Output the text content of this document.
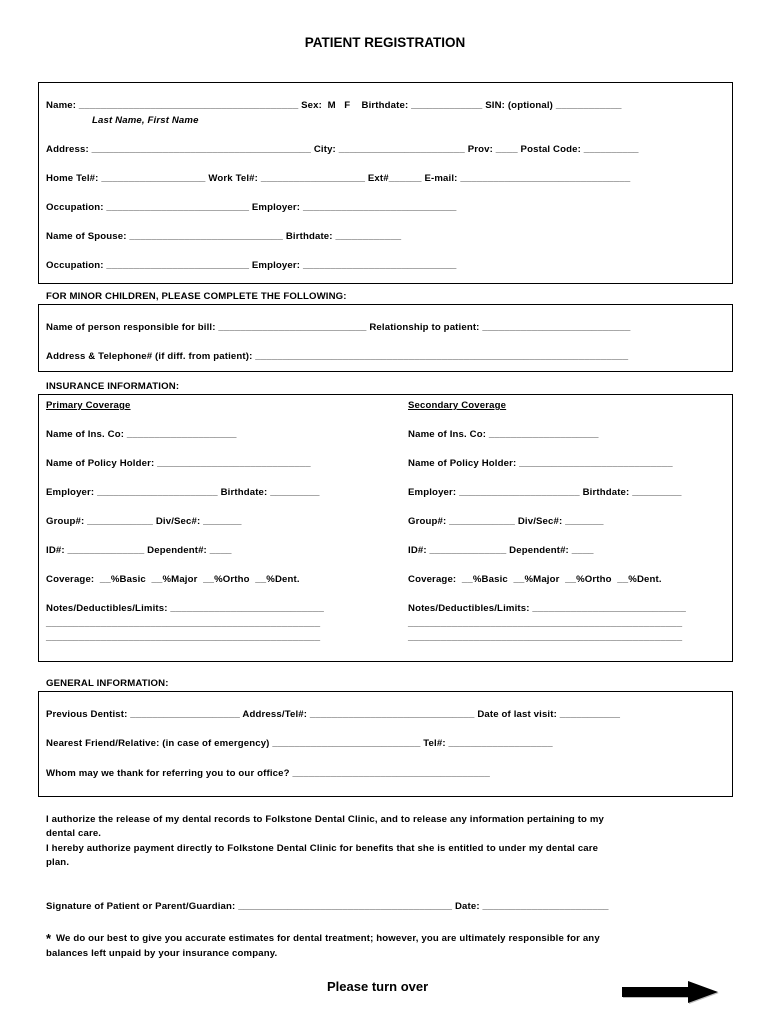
PATIENT REGISTRATION
Name: ________________________________________ Sex:  M   F    Birthdate: _____________ SIN: (optional) ____________
Last Name, First Name
Address: ________________________________________ City: _______________________ Prov: ____ Postal Code: __________
Home Tel#: ___________________ Work Tel#: ___________________ Ext#______ E-mail: _______________________________
Occupation: __________________________ Employer: ____________________________
Name of Spouse: ____________________________ Birthdate: ____________
Occupation: __________________________ Employer: ____________________________
FOR MINOR CHILDREN, PLEASE COMPLETE THE FOLLOWING:
Name of person responsible for bill: ___________________________ Relationship to patient: ___________________________
Address & Telephone# (if diff. from patient): ____________________________________________________________________
INSURANCE INFORMATION:
Primary Coverage
Name of Ins. Co: ____________________
Name of Policy Holder: ____________________________
Employer: ______________________ Birthdate: _________
Group#: ____________ Div/Sec#: _______
ID#: ______________ Dependent#: ____
Coverage:  __%Basic  __%Major  __%Ortho  __%Dent.
Notes/Deductibles/Limits: ____________________________
__________________________________________________
__________________________________________________
Secondary Coverage
Name of Ins. Co: ____________________
Name of Policy Holder: ____________________________
Employer: ______________________ Birthdate: _________
Group#: ____________ Div/Sec#: _______
ID#: ______________ Dependent#: ____
Coverage:  __%Basic  __%Major  __%Ortho  __%Dent.
Notes/Deductibles/Limits: ____________________________
__________________________________________________
__________________________________________________
GENERAL INFORMATION:
Previous Dentist: ____________________ Address/Tel#: ______________________________ Date of last visit: ___________
Nearest Friend/Relative: (in case of emergency) ___________________________ Tel#: ___________________
Whom may we thank for referring you to our office? ____________________________________
I authorize the release of my dental records to Folkstone Dental Clinic, and to release any information pertaining to my
dental care.
I hereby authorize payment directly to Folkstone Dental Clinic for benefits that she is entitled to under my dental care
plan.
Signature of Patient or Parent/Guardian: _______________________________________ Date: _______________________
* We do our best to give you accurate estimates for dental treatment; however, you are ultimately responsible for any
balances left unpaid by your insurance company.
Please turn over
